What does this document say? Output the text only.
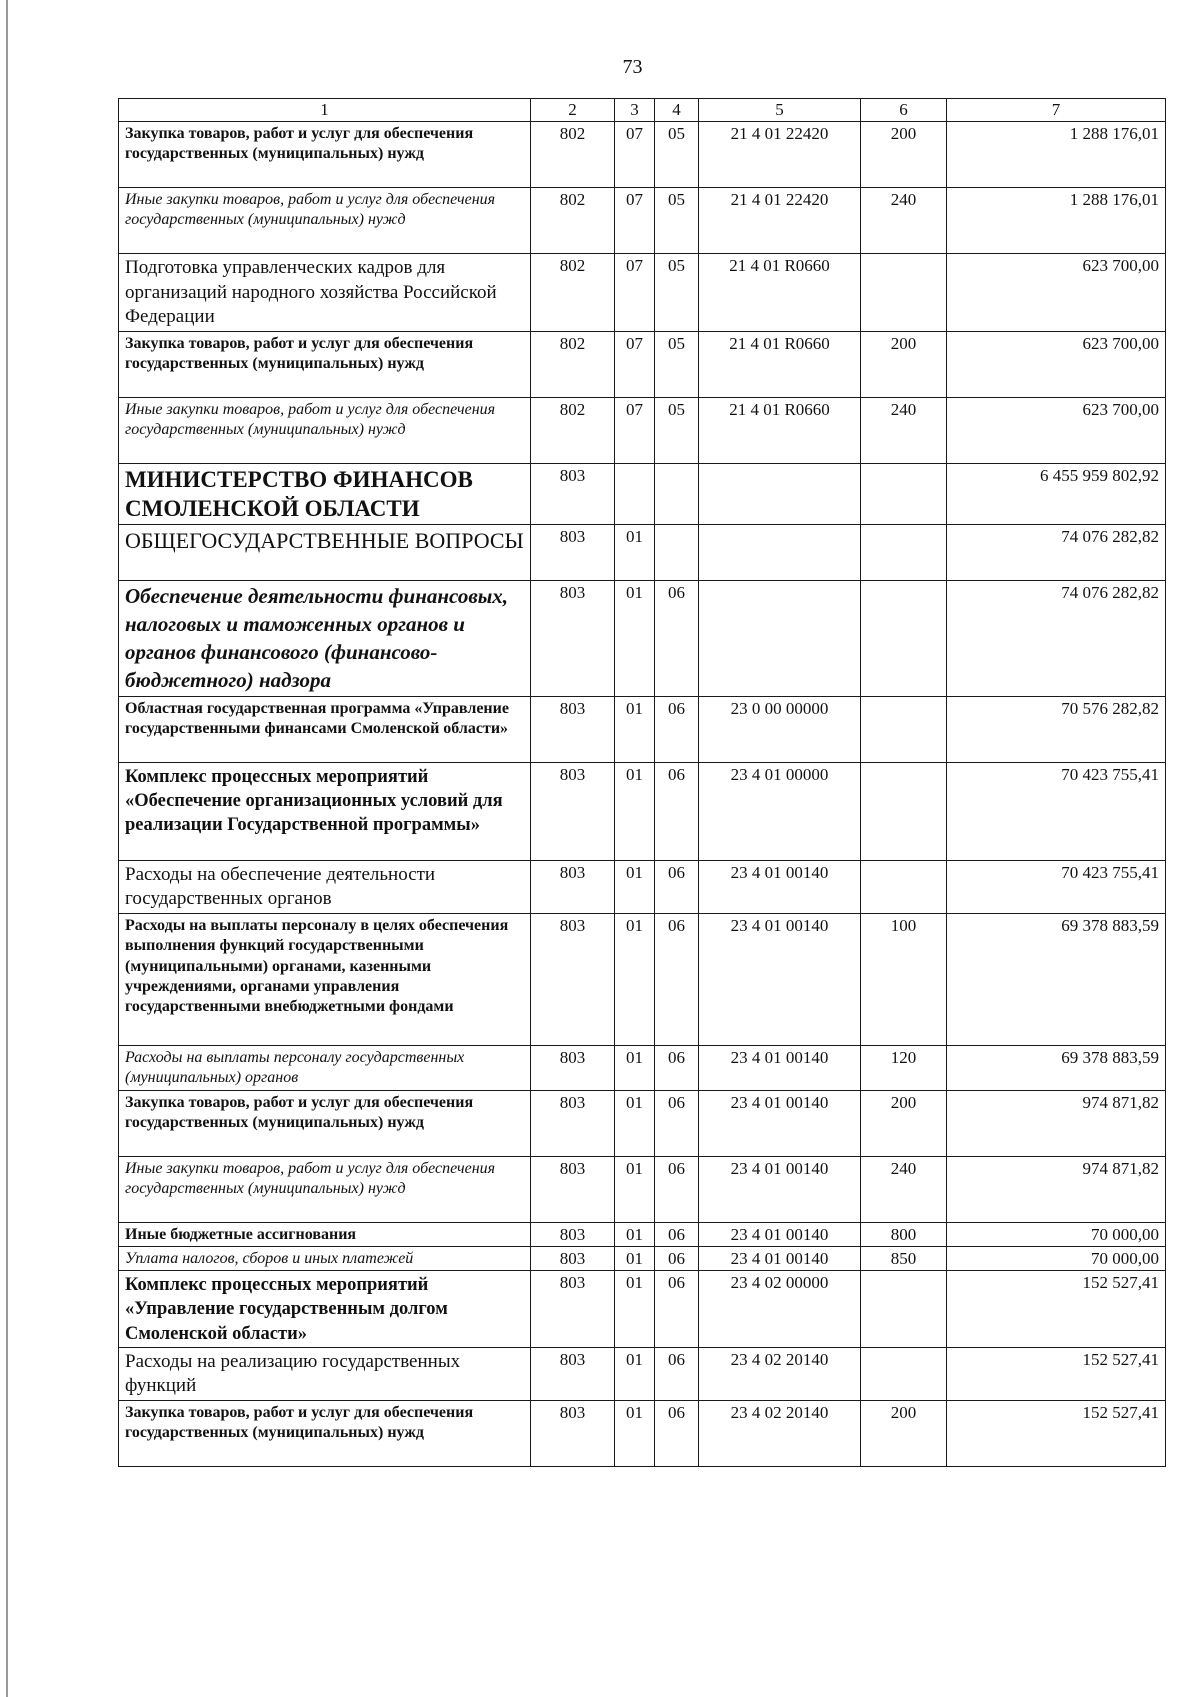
73
1	2	3	4	5	6	7
Закупка товаров, работ и услуг для обеспечения государственных (муниципальных) нужд	802	07	05	21 4 01 22420	200	1 288 176,01
Иные закупки товаров, работ и услуг для обеспечения государственных (муниципальных) нужд	802	07	05	21 4 01 22420	240	1 288 176,01
Подготовка управленческих кадров для организаций народного хозяйства Российской Федерации	802	07	05	21 4 01 R0660		623 700,00
Закупка товаров, работ и услуг для обеспечения государственных (муниципальных) нужд	802	07	05	21 4 01 R0660	200	623 700,00
Иные закупки товаров, работ и услуг для обеспечения государственных (муниципальных) нужд	802	07	05	21 4 01 R0660	240	623 700,00
МИНИСТЕРСТВО ФИНАНСОВ СМОЛЕНСКОЙ ОБЛАСТИ	803					6 455 959 802,92
ОБЩЕГОСУДАРСТВЕННЫЕ ВОПРОСЫ	803	01				74 076 282,82
Обеспечение деятельности финансовых, налоговых и таможенных органов и органов финансового (финансово-бюджетного) надзора	803	01	06			74 076 282,82
Областная государственная программа «Управление государственными финансами Смоленской области»	803	01	06	23 0 00 00000		70 576 282,82
Комплекс процессных мероприятий «Обеспечение организационных условий для реализации Государственной программы»	803	01	06	23 4 01 00000		70 423 755,41
Расходы на обеспечение деятельности государственных органов	803	01	06	23 4 01 00140		70 423 755,41
Расходы на выплаты персоналу в целях обеспечения выполнения функций государственными (муниципальными) органами, казенными учреждениями, органами управления государственными внебюджетными фондами	803	01	06	23 4 01 00140	100	69 378 883,59
Расходы на выплаты персоналу государственных (муниципальных) органов	803	01	06	23 4 01 00140	120	69 378 883,59
Закупка товаров, работ и услуг для обеспечения государственных (муниципальных) нужд	803	01	06	23 4 01 00140	200	974 871,82
Иные закупки товаров, работ и услуг для обеспечения государственных (муниципальных) нужд	803	01	06	23 4 01 00140	240	974 871,82
Иные бюджетные ассигнования	803	01	06	23 4 01 00140	800	70 000,00
Уплата налогов, сборов и иных платежей	803	01	06	23 4 01 00140	850	70 000,00
Комплекс процессных мероприятий «Управление государственным долгом Смоленской области»	803	01	06	23 4 02 00000		152 527,41
Расходы на реализацию государственных функций	803	01	06	23 4 02 20140		152 527,41
Закупка товаров, работ и услуг для обеспечения государственных (муниципальных) нужд	803	01	06	23 4 02 20140	200	152 527,41
